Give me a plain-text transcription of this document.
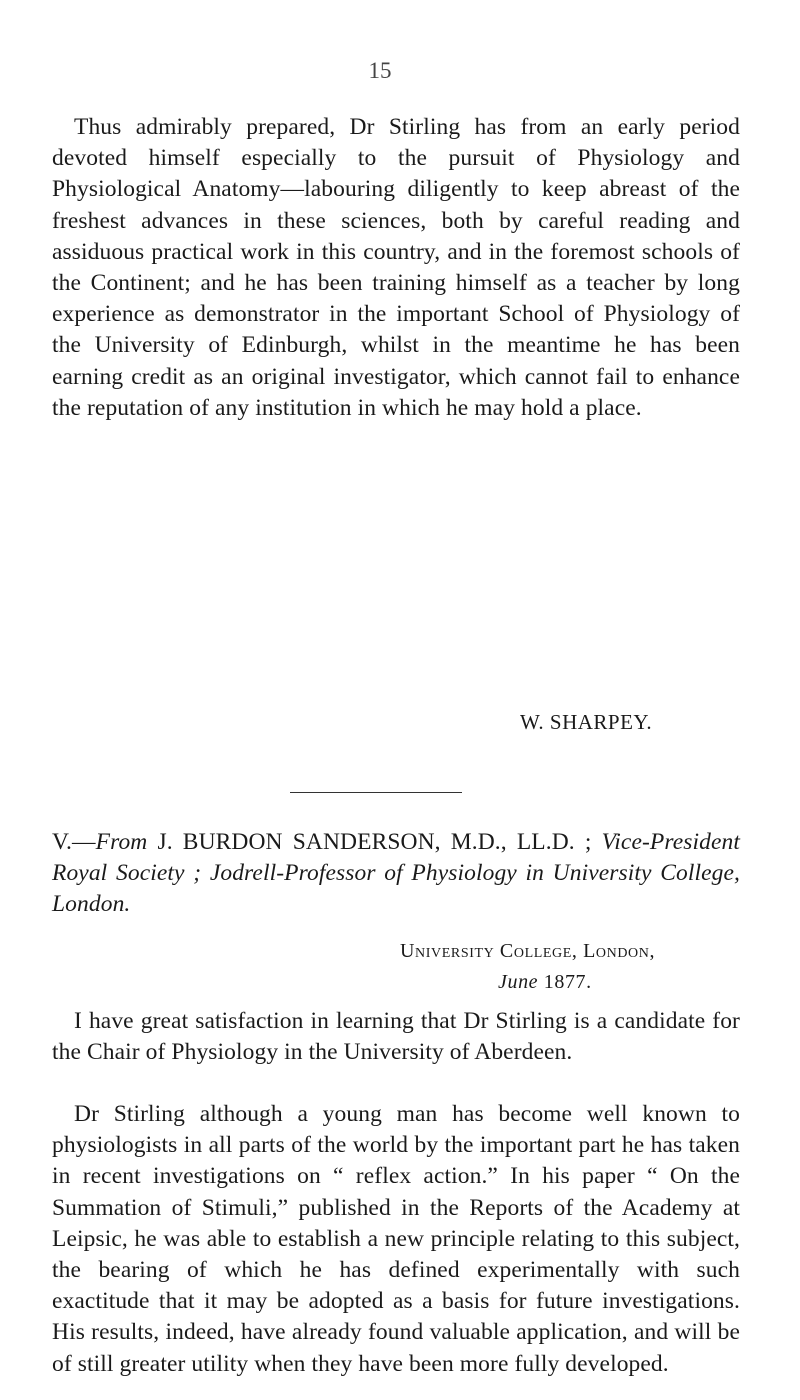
15
Thus admirably prepared, Dr Stirling has from an early period devoted himself especially to the pursuit of Physiology and Physiological Anatomy—labouring diligently to keep abreast of the freshest advances in these sciences, both by careful reading and assiduous practical work in this country, and in the foremost schools of the Continent; and he has been training himself as a teacher by long experience as demonstrator in the important School of Physiology of the University of Edinburgh, whilst in the meantime he has been earning credit as an original investigator, which cannot fail to enhance the reputation of any institution in which he may hold a place.
W. SHARPEY.
V.—From J. BURDON SANDERSON, M.D., LL.D. ; Vice-President Royal Society ; Jodrell-Professor of Physiology in University College, London.
University College, London,
June 1877.
I have great satisfaction in learning that Dr Stirling is a candidate for the Chair of Physiology in the University of Aberdeen.
Dr Stirling although a young man has become well known to physiologists in all parts of the world by the important part he has taken in recent investigations on “ reflex action.” In his paper “ On the Summation of Stimuli,” published in the Reports of the Academy at Leipsic, he was able to establish a new principle relating to this subject, the bearing of which he has defined experimentally with such exactitude that it may be adopted as a basis for future investigations. His results, indeed, have already found valuable application, and will be of still greater utility when they have been more fully developed.
